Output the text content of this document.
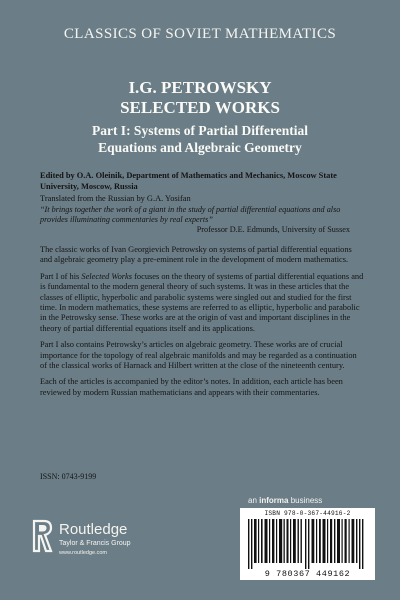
CLASSICS OF SOVIET MATHEMATICS
I.G. PETROWSKY
SELECTED WORKS
Part I: Systems of Partial Differential
Equations and Algebraic Geometry
Edited by O.A. Oleinik, Department of Mathematics and Mechanics, Moscow State University, Moscow, Russia
Translated from the Russian by G.A. Yosifan
“It brings together the work of a giant in the study of partial differential equations and also provides illuminating commentaries by real experts”
Professor D.E. Edmunds, University of Sussex

The classic works of Ivan Georgievich Petrowsky on systems of partial differential equations and algebraic geometry play a pre-eminent role in the development of modern mathematics.

Part I of his Selected Works focuses on the theory of systems of partial differential equations and is fundamental to the modern general theory of such systems. It was in these articles that the classes of elliptic, hyperbolic and parabolic systems were singled out and studied for the first time. In modern mathematics, these systems are referred to as elliptic, hyperbolic and parabolic in the Petrowsky sense. These works are at the origin of vast and important disciplines in the theory of partial differential equations itself and its applications.

Part I also contains Petrowsky’s articles on algebraic geometry. These works are of crucial importance for the topology of real algebraic manifolds and may be regarded as a continuation of the classical works of Harnack and Hilbert written at the close of the nineteenth century.

Each of the articles is accompanied by the editor’s notes. In addition, each article has been reviewed by modern Russian mathematicians and appears with their commentaries.

ISSN: 0743-9199
an informa business
ISBN 978-0-367-44916-2
9 780367 449162
Routledge
Taylor & Francis Group
www.routledge.com
